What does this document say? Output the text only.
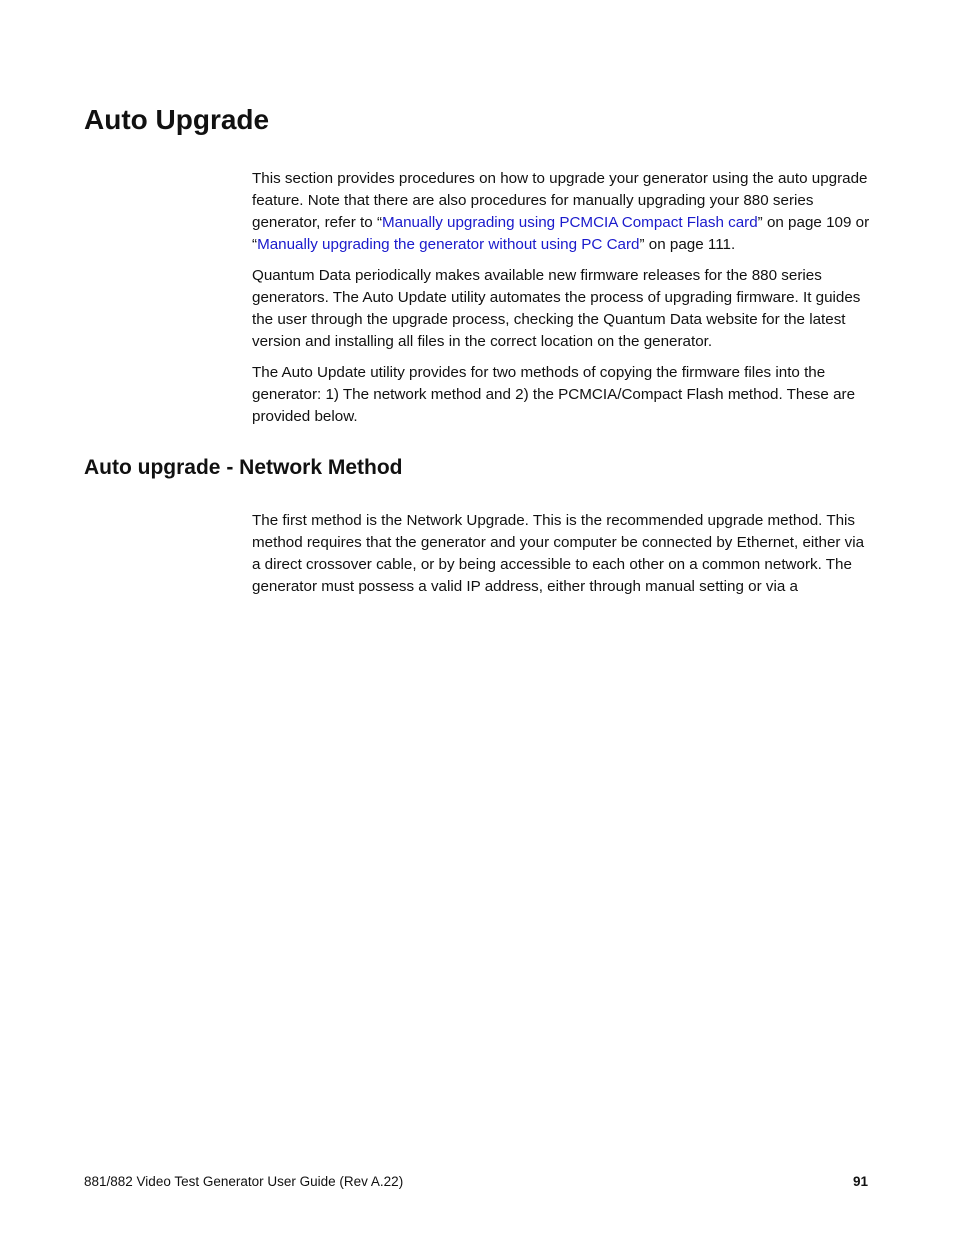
Auto Upgrade

This section provides procedures on how to upgrade your generator using the auto upgrade feature. Note that there are also procedures for manually upgrading your 880 series generator, refer to “Manually upgrading using PCMCIA Compact Flash card” on page 109 or “Manually upgrading the generator without using PC Card” on page 111.

Quantum Data periodically makes available new firmware releases for the 880 series generators. The Auto Update utility automates the process of upgrading firmware. It guides the user through the upgrade process, checking the Quantum Data website for the latest version and installing all files in the correct location on the generator.

The Auto Update utility provides for two methods of copying the firmware files into the generator: 1) The network method and 2) the PCMCIA/Compact Flash method. These are provided below.

Auto upgrade - Network Method

The first method is the Network Upgrade. This is the recommended upgrade method. This method requires that the generator and your computer be connected by Ethernet, either via a direct crossover cable, or by being accessible to each other on a common network. The generator must possess a valid IP address, either through manual setting or via a

881/882 Video Test Generator User Guide (Rev A.22)	91
